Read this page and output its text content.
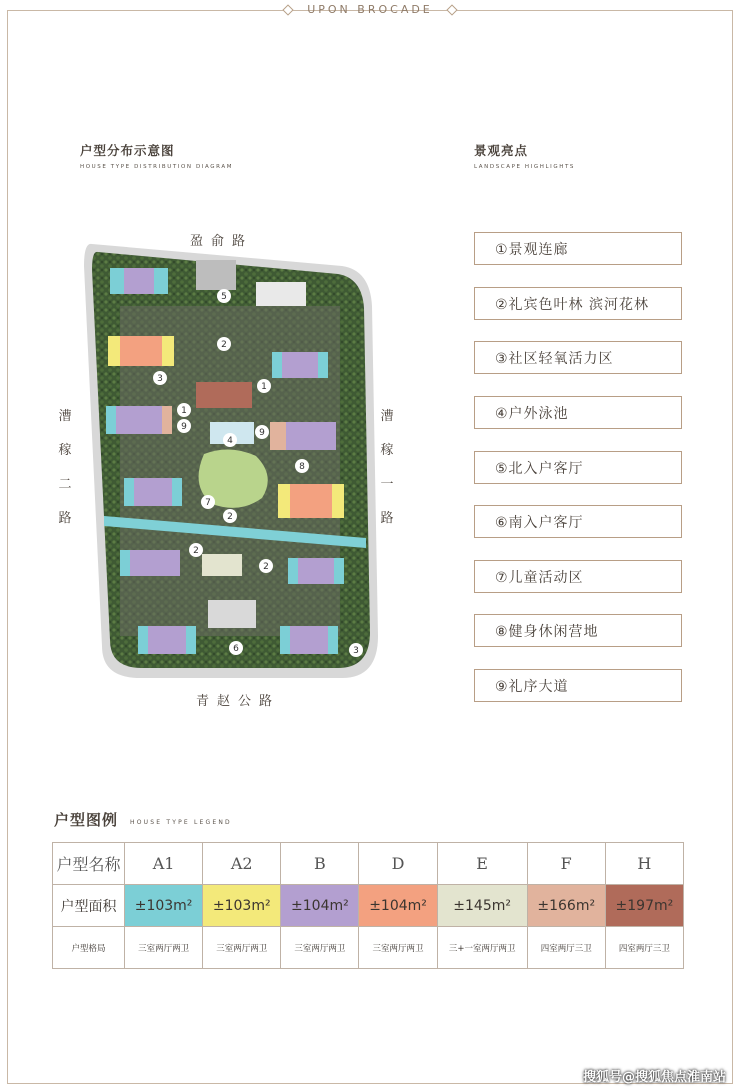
UPON BROCADE
户型分布示意图
HOUSE TYPE DISTRIBUTION DIAGRAM
盈俞路
青赵公路
漕
稼
二
路
漕
稼
一
路
5
2
3
1
1
9
4
9
8
7
2
2
2
6	3
景观亮点
LANDSCAPE HIGHLIGHTS
①景观连廊
②礼宾色叶林 滨河花林
③社区轻氧活力区
④户外泳池
⑤北入户客厅
⑥南入户客厅
⑦儿童活动区
⑧健身休闲营地
⑨礼序大道
户型图例 HOUSE TYPE LEGEND
户型名称	A1	A2	B	D	E	F	H
户型面积	±103m²	±103m²	±104m²	±104m²	±145m²	±166m²	±197m²
户型格局	三室两厅两卫	三室两厅两卫	三室两厅两卫	三室两厅两卫	三+一室两厅两卫	四室两厅三卫	四室两厅三卫
搜狐号@搜狐焦点淮南站
